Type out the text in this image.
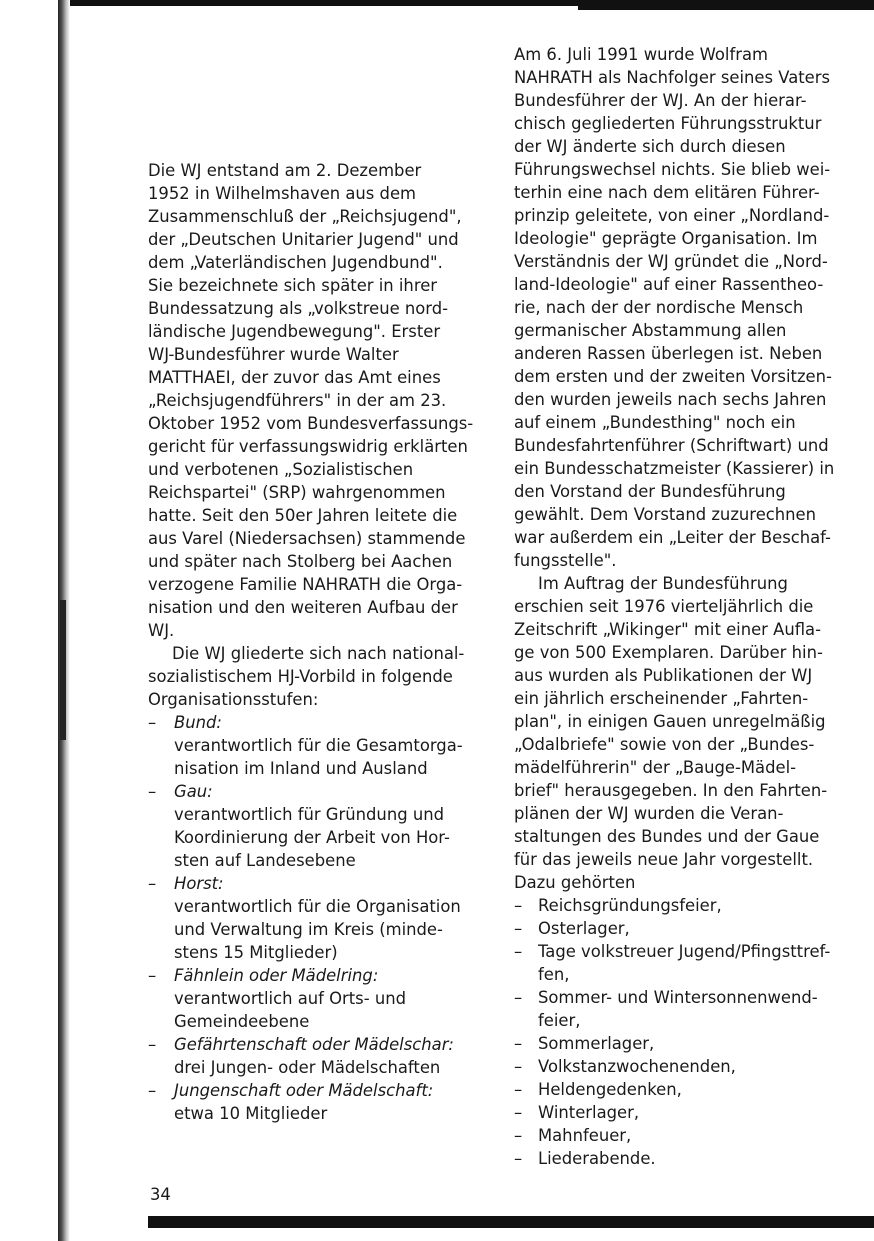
Die WJ entstand am 2. Dezember
1952 in Wilhelmshaven aus dem
Zusammenschluß der „Reichsjugend",
der „Deutschen Unitarier Jugend" und
dem „Vaterländischen Jugendbund".
Sie bezeichnete sich später in ihrer
Bundessatzung als „volkstreue nord-
ländische Jugendbewegung". Erster
WJ-Bundesführer wurde Walter
MATTHAEI, der zuvor das Amt eines
„Reichsjugendführers" in der am 23.
Oktober 1952 vom Bundesverfassungs-
gericht für verfassungswidrig erklärten
und verbotenen „Sozialistischen
Reichspartei" (SRP) wahrgenommen
hatte. Seit den 50er Jahren leitete die
aus Varel (Niedersachsen) stammende
und später nach Stolberg bei Aachen
verzogene Familie NAHRATH die Orga-
nisation und den weiteren Aufbau der
WJ.

Die WJ gliederte sich nach national-
sozialistischem HJ-Vorbild in folgende
Organisationsstufen:

– Bund:
verantwortlich für die Gesamtorga-
nisation im Inland und Ausland
– Gau:
verantwortlich für Gründung und
Koordinierung der Arbeit von Hor-
sten auf Landesebene
– Horst:
verantwortlich für die Organisation
und Verwaltung im Kreis (minde-
stens 15 Mitglieder)
– Fähnlein oder Mädelring:
verantwortlich auf Orts- und
Gemeindeebene
– Gefährtenschaft oder Mädelschar:
drei Jungen- oder Mädelschaften
– Jungenschaft oder Mädelschaft:
etwa 10 Mitglieder

Am 6. Juli 1991 wurde Wolfram
NAHRATH als Nachfolger seines Vaters
Bundesführer der WJ. An der hierar-
chisch gegliederten Führungsstruktur
der WJ änderte sich durch diesen
Führungswechsel nichts. Sie blieb wei-
terhin eine nach dem elitären Führer-
prinzip geleitete, von einer „Nordland-
Ideologie" geprägte Organisation. Im
Verständnis der WJ gründet die „Nord-
land-Ideologie" auf einer Rassentheo-
rie, nach der der nordische Mensch
germanischer Abstammung allen
anderen Rassen überlegen ist. Neben
dem ersten und der zweiten Vorsitzen-
den wurden jeweils nach sechs Jahren
auf einem „Bundesthing" noch ein
Bundesfahrtenführer (Schriftwart) und
ein Bundesschatzmeister (Kassierer) in
den Vorstand der Bundesführung
gewählt. Dem Vorstand zuzurechnen
war außerdem ein „Leiter der Beschaf-
fungsstelle".

Im Auftrag der Bundesführung
erschien seit 1976 vierteljährlich die
Zeitschrift „Wikinger" mit einer Aufla-
ge von 500 Exemplaren. Darüber hin-
aus wurden als Publikationen der WJ
ein jährlich erscheinender „Fahrten-
plan", in einigen Gauen unregelmäßig
„Odalbriefe" sowie von der „Bundes-
mädelführerin" der „Bauge-Mädel-
brief" herausgegeben. In den Fahrten-
plänen der WJ wurden die Veran-
staltungen des Bundes und der Gaue
für das jeweils neue Jahr vorgestellt.
Dazu gehörten

– Reichsgründungsfeier,
– Osterlager,
– Tage volkstreuer Jugend/Pfingsttref-
fen,
– Sommer- und Wintersonnenwend-
feier,
– Sommerlager,
– Volkstanzwochenenden,
– Heldengedenken,
– Winterlager,
– Mahnfeuer,
– Liederabende.
34
